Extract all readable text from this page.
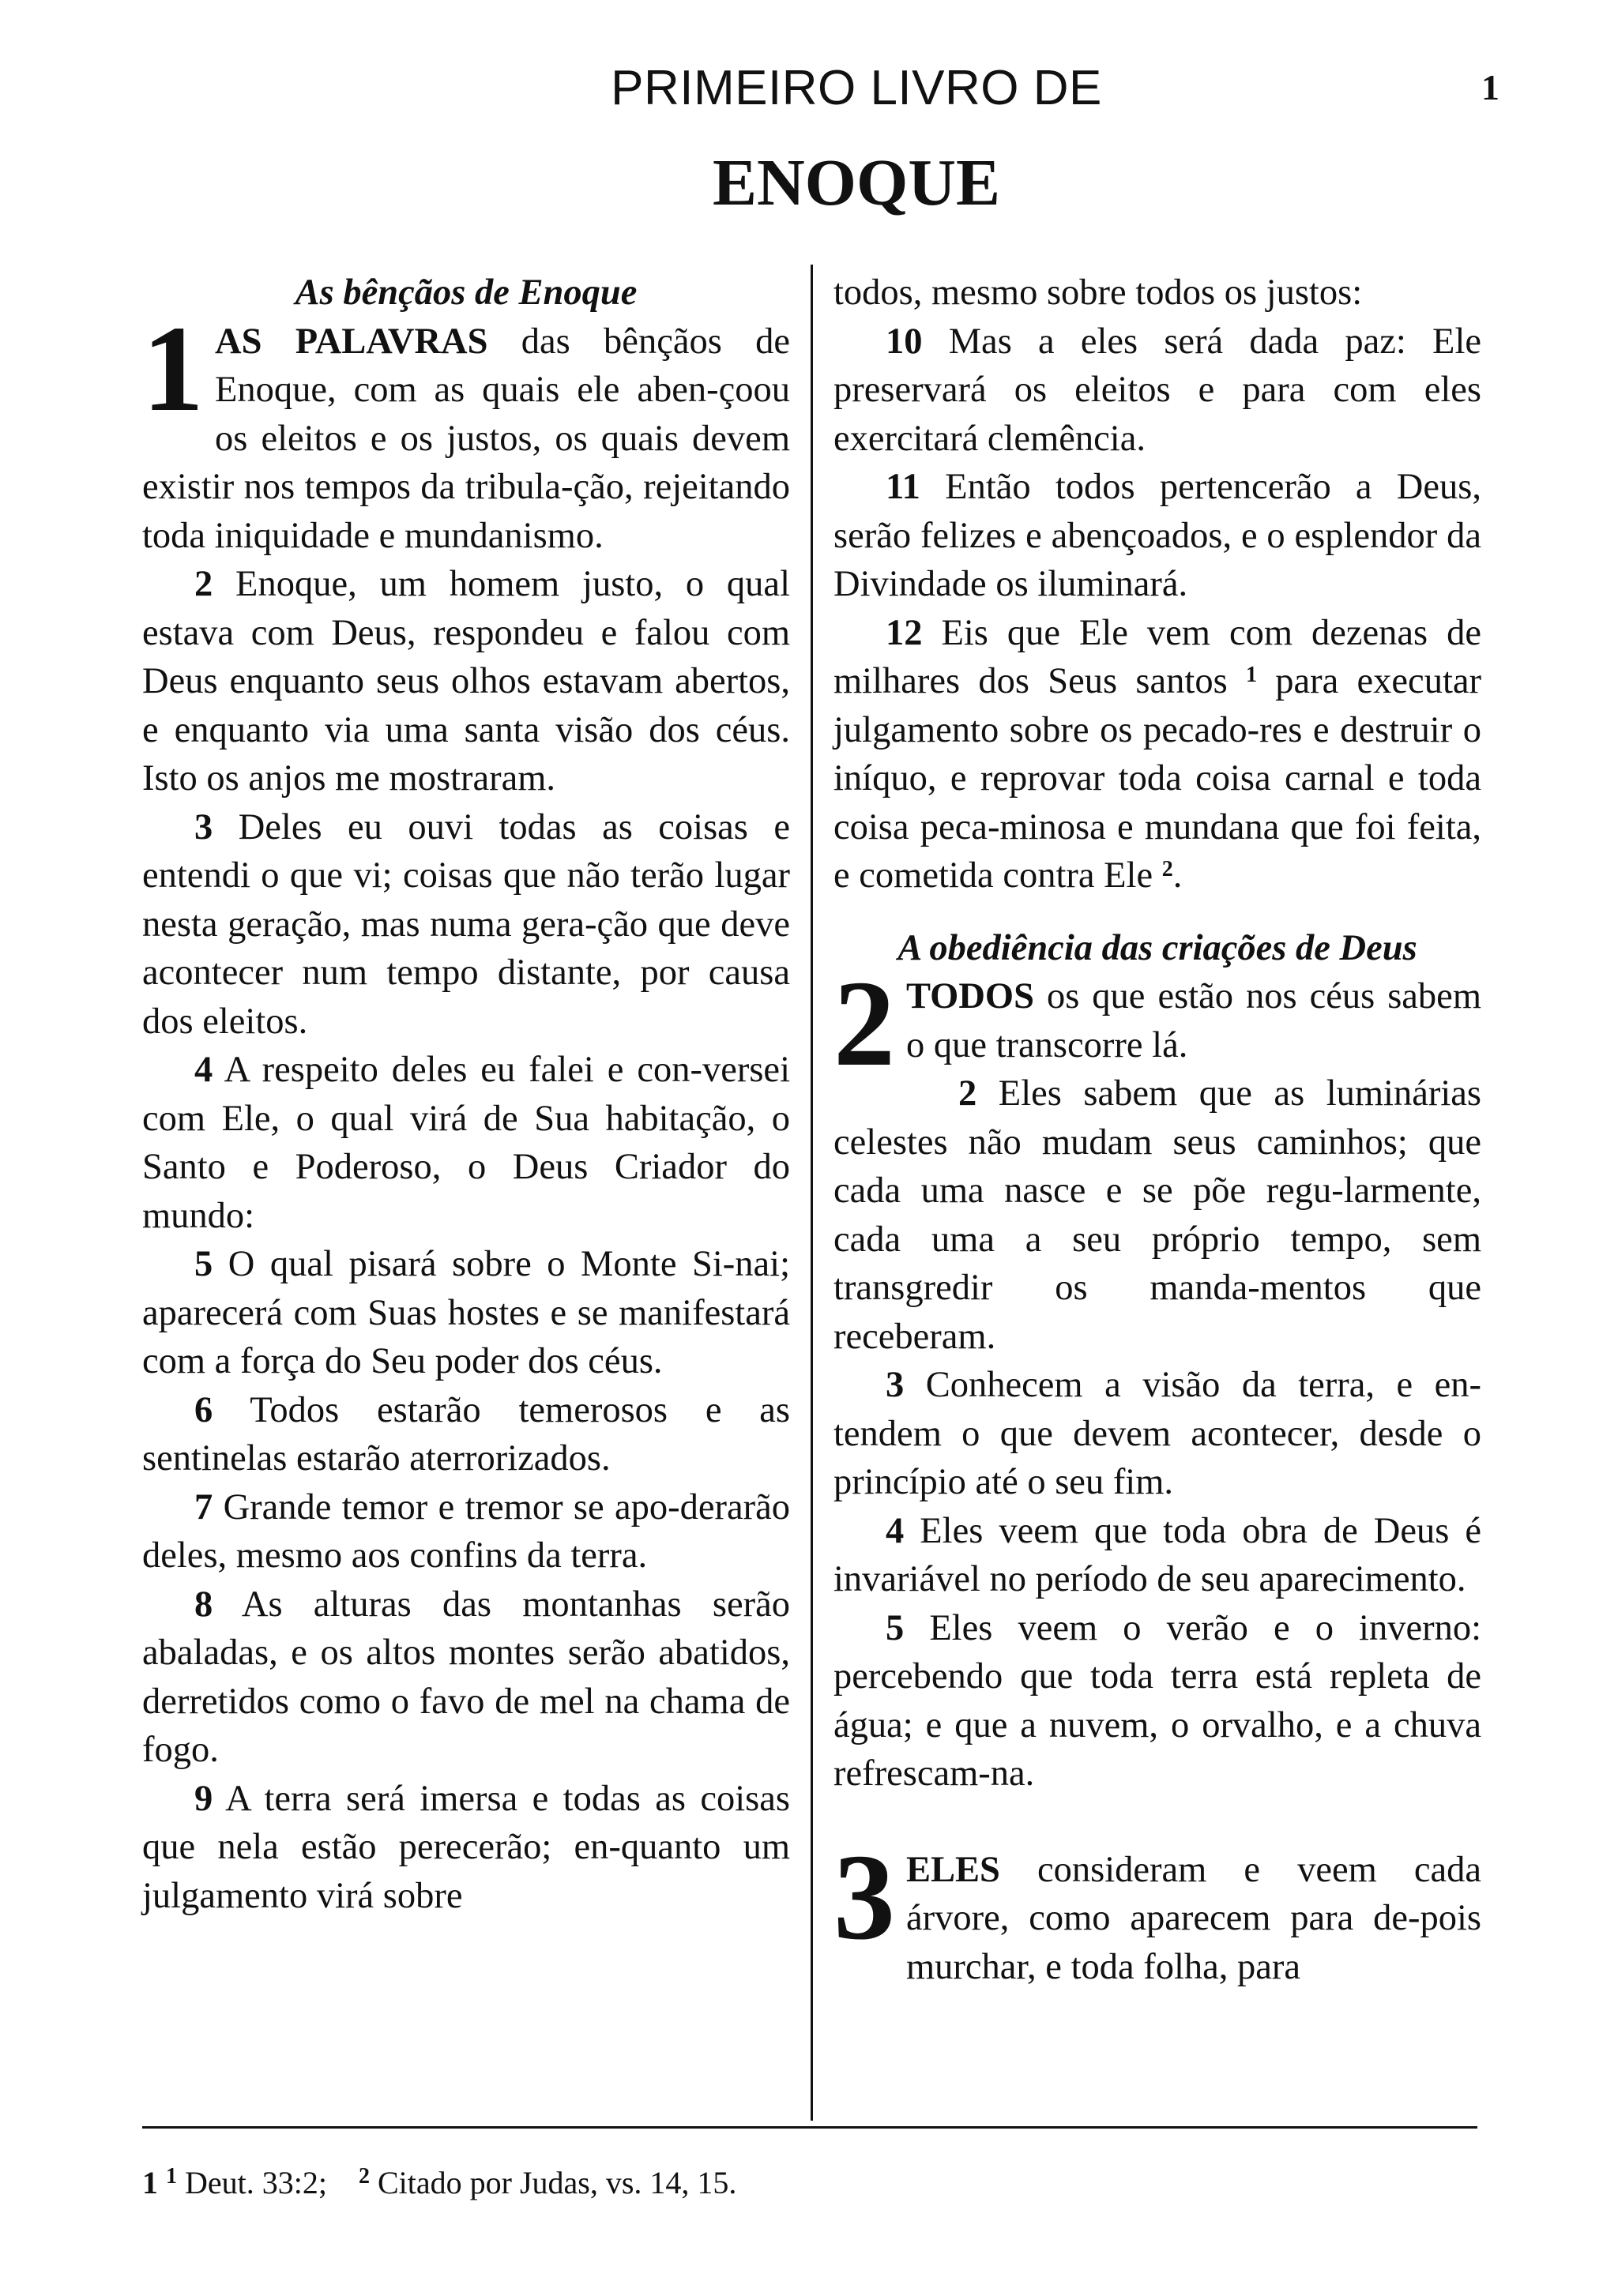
PRIMEIRO LIVRO DE	1
ENOQUE

As bênçãos de Enoque

1 AS PALAVRAS das bênçãos de Enoque, com as quais ele aben-çoou os eleitos e os justos, os quais devem existir nos tempos da tribula-ção, rejeitando toda iniquidade e mundanismo.

2 Enoque, um homem justo, o qual estava com Deus, respondeu e falou com Deus enquanto seus olhos estavam abertos, e enquanto via uma santa visão dos céus. Isto os anjos me mostraram.

3 Deles eu ouvi todas as coisas e entendi o que vi; coisas que não terão lugar nesta geração, mas numa gera-ção que deve acontecer num tempo distante, por causa dos eleitos.

4 A respeito deles eu falei e con-versei com Ele, o qual virá de Sua habitação, o Santo e Poderoso, o Deus Criador do mundo:

5 O qual pisará sobre o Monte Si-nai; aparecerá com Suas hostes e se manifestará com a força do Seu poder dos céus.

6 Todos estarão temerosos e as sentinelas estarão aterrorizados.

7 Grande temor e tremor se apo-derarão deles, mesmo aos confins da terra.

8 As alturas das montanhas serão abaladas, e os altos montes serão abatidos, derretidos como o favo de mel na chama de fogo.

9 A terra será imersa e todas as coisas que nela estão perecerão; en-quanto um julgamento virá sobre

todos, mesmo sobre todos os justos:

10 Mas a eles será dada paz: Ele preservará os eleitos e para com eles exercitará clemência.

11 Então todos pertencerão a Deus, serão felizes e abençoados, e o esplendor da Divindade os iluminará.

12 Eis que Ele vem com dezenas de milhares dos Seus santos $^1$ para executar julgamento sobre os pecado-res e destruir o iníquo, e reprovar toda coisa carnal e toda coisa peca-minosa e mundana que foi feita, e cometida contra Ele $^2$.

A obediência das criações de Deus

2 TODOS os que estão nos céus sabem o que transcorre lá.

2 Eles sabem que as luminárias celestes não mudam seus caminhos; que cada uma nasce e se põe regu-larmente, cada uma a seu próprio tempo, sem transgredir os manda-mentos que receberam.

3 Conhecem a visão da terra, e en-tendem o que devem acontecer, desde o princípio até o seu fim.

4 Eles veem que toda obra de Deus é invariável no período de seu aparecimento.

5 Eles veem o verão e o inverno: percebendo que toda terra está repleta de água; e que a nuvem, o orvalho, e a chuva refrescam-na.

3 ELES consideram e veem cada árvore, como aparecem para de-pois murchar, e toda folha, para

1 $^1$ Deut. 33:2; $^2$ Citado por Judas, vs. 14, 15.
